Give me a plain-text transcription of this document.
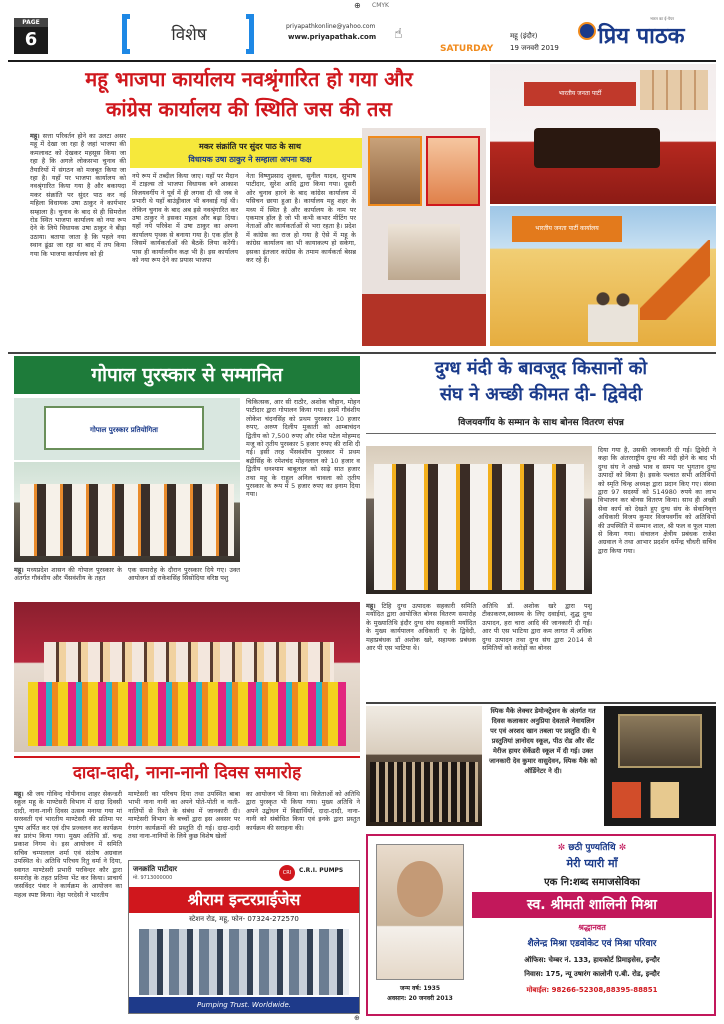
⊕ CMYK
PAGE
6	विशेष	priyapathkonline@yahoo.com
www.priyapathak.com ☝
SATURDAY
महू (इंदौर)
19 जनवरी 2019 प्रिय पाठक
भारत का ई-पेपर
महू भाजपा कार्यालय नवश्रृंगारित हो गया और
कांग्रेस कार्यालय की स्थिति जस की तस
महू। सत्ता परिवर्तन होने का उलटा असर महू में देखा जा रहा है जहां भाजपा की कमलावट को देखकर महसूस किया जा रहा है कि अगले लोकसभा चुनाव की तैयारियों में संगठन को मजबूत किया जा रहा है। यहाँ पर भाजपा कार्यालय को नवश्रृंगारित किया गया है और बकायदा मकर संक्रांति पर सुंदर पाठ कर नई महिला विधायक उषा ठाकुर ने कार्यभार सम्हाला है। चुनाव के बाद से ही सिमरोल रोड स्थित भाजपा कार्यालय को नया रूप देने के लिये विधायक उषा ठाकुर ने बीड़ा उठाया। बताया जाता है कि पहले नया स्थान ढूंढा जा रहा था बाद में तय किया गया कि भाजपा कार्यालय को ही
मकर संक्रांति पर सुंदर पाठ के साथ
विधायक उषा ठाकुर ने सम्हाला अपना कक्ष
नये रूप में तब्दील किया जाए। यहाँ पर मैदान में टाइल्स तो भाजपा विधायक बने आकाश विजयवर्गीय ने पूर्व में ही लगवा दी थी जब वे प्रभारी थे यहाँ बाउंड्रीवाल भी बनवाई गई थी। लेकिन चुनाव के बाद अब इसे नवश्रृंगारित कर उषा ठाकुर ने इसका महत्व और बढ़ा दिया। यहाँ नये परिवेश में उषा ठाकुर का अपना कार्यालय पृथक से बनाया गया है। एक हॉल है जिसमें कार्यकर्ताओं की बैठकें लिया करेंगी। पास ही कार्यालयीन कक्ष भी है। इस कार्यालय को नया रूप देने का प्रयास भाजपा
नेता विष्णुप्रसाद शुक्ला, सुनील यादव, सुभाष पाटीदार, सुरेश आदि द्वारा किया गया। दूसरी ओर चुनाव हारने के बाद कांग्रेस कार्यालय में पसिचन छाया हुआ है। कार्यालय महू शहर के मध्य में स्थित है और कार्यालय के नाम पर एकमात्र हॉल है जो भी कभी कभार मीटिंग पर नेताओं और कार्यकर्ताओं से भरा रहता है। प्रदेश में कांग्रेस का राज हो गया है ऐसे में महू के कांग्रेस कार्यालय का भी कायाकल्प हो सकेगा, इसका इंतजार कांग्रेस के तमाम कार्यकर्ता बेसब्र कर रहे हैं।
भारतीय जनता पार्टी
भारतीय जनता पार्टी कार्यालय
गोपाल पुरस्कार से सम्मानित
गोपाल पुरस्कार प्रतियोगिता
महू। मध्यप्रदेश शासन की गोपाल पुरस्कार के अंतर्गत गौवंशीय और भैंसवंशीय के तहत
एक समारोह के दौरान पुरस्कार दिये गए। उक्त आयोजन डॉ राकेशसिंह सिसोदिया वरिष्ठ पशु
चिकित्सक, आर सी राठौर, अशोक चौहान, मोहन पाटीदार द्वारा गोपालन किया गया। इसमें गौवंशीय लोकेश चंदनसिंह को प्रथम पुरस्कार 10 हजार रुपए, अरुण दिलीप मुकाती को आम्बाचंदन द्वितीय को 7,500 रुपए और रमेश पटेल मोहम्मद मजू को तृतीय पुरस्कार 5 हजार रुपए की राशि दी गई। इसी तरह भैंसवंशीय पुरस्कार में प्रथम बद्रीसिंह के रमेशचंद मोहनलाल को 10 हजार व द्वितीय धनश्याम बाबूलाल को साढ़े सात हजार तथा महू के राहुल अनिल चावला को तृतीय पुरस्कार के रूप में 5 हजार रुपए का इनाम दिया गया।
दादा-दादी, नाना-नानी दिवस समारोह
महू। श्री जय गोविन्द गोपीनाथ शाहर सेकन्डरी स्कूल महू के माण्टेसरी विभाग में दादा दिवसी दादी, नाना-नानी दिवस उत्सव मनाया गया मां सरस्वती एवं भारतीय माण्टेसरी की प्रतिमा पर पुष्प अर्पित कर एवं दीप प्रज्वलन कर कार्यक्रम का प्रारंभ किया गया। मुख्य अतिथि डॉ. चन्द्र प्रकाश निगम थे। इस आयोजन में समिति सचिव चम्पालाल शर्मा एवं संतोष अग्रवाल उपस्थित थे। अतिथि परिचय रितु वर्मा ने दिया, स्वागत माण्टेसरी प्रभारी परविन्दर कौर द्वारा समारोह के तहत प्रतिमा भेंट कर किया। प्राचार्य जसविंदर पंवार ने कार्यक्रम के आयोजन का महत्व स्पष्ट किया। नेहा परदेसी ने भारतीय
माण्टेसरी का परिचय दिया तथा उपस्थित बाबा भाभी नाना नानी का अपने पोते-पोती व नाती-नातियों से रिश्ते के संबंध में जानकारी दी। माण्टेसरी विभाग के बच्चों द्वारा इस अवसर पर रंगारंग कार्यक्रमों की प्रस्तुति दी गई। दादा-दादी तथा नाना-नानियों के लिये कुछ विशेष खेलों
का आयोजन भी किया था। विजेताओं को अतिथि द्वारा पुरस्कृत भी किया गया। मुख्य अतिथि ने अपने उद्बोधन में विद्यार्थियों, दादा-दादी, नाना-नानी को संबोधित किया एवं इनके द्वारा प्रस्तुत कार्यक्रम की सराहना की।
जनक्रांति पाटीदार
मो. 9713000000
CRI	C.R.I. PUMPS
श्रीराम इन्टरप्राईजेस
स्टेशन रोड, महू, फोन- 07324-272570
Pumping Trust. Worldwide.
दुग्ध मंदी के बावजूद किसानों को
संघ ने अच्छी कीमत दी- द्विवेदी
विजयवर्गीय के सम्मान के साथ बोनस वितरण संपन्न
दिया गया है, उसकी जानकारी दी गई। द्विवेदी ने कहा कि अंतरराष्ट्रीय दुग्ध की मंदी होने के बाद भी दुग्ध संघ ने अच्छे भाव व समय पर भुगतान दुग्ध उत्पादों को किया है। इसके पश्चात सभी अतिथियों को स्मृति चिन्ह अध्यक्ष द्वारा प्रदान किए गए। संस्था द्वारा 97 सदस्यों को 514980 रुपये का लाभ विभाजन कर बोनस वितरण किया। साथ ही अच्छी सेवा कार्य को देखते हुए दुग्ध संघ के सेवानिवृत्त अधिकारी विजय कुमार विजयवर्गीय को अतिथियों की उपस्थिति में सम्मान शाल, श्री फल व फूल माला से किया गया। संचालन क्षेत्रीय प्रबंधक राजेश अग्रवाल ने तथा आभार प्रदर्शन धर्मेन्द्र चौधरी सचिव द्वारा किया गया।
महू। टिहि दुग्ध उत्पादक सहकारी समिति मर्यादित द्वारा आयोजित बोनस वितरण समारोह के मुख्यातिथि इंदौर दुग्ध संघ सहकारी मर्यादित के मुख्य कार्यपालन अधिकारी ए के द्विवेदी, महाप्रबंधक डॉ अशोक खरे, सहायक प्रबंधक आर पी एस भाटिया थे।
अतिथि डॉ. अशोक खरे द्वारा पशु टीकाकरण,स्वास्थ्य के लिए दवाईयां, शुद्ध दुग्ध उत्पादन, हरा चारा आदि की जानकारी दी गई। आर पी एस भाटिया द्वारा कम लागत में अधिक दुग्ध उत्पादन तथा दुग्ध संघ द्वारा 2014 से समितियों को करोड़ों का बोनस
स्पिक मैके लेक्चर डेमोन्स्ट्रेशन के अंतर्गत गत दिवस कलाकार अनुप्रिया देवताले नेवायलिन पर एवं अरशद खान तबला पर प्रस्तुति दी। ये प्रस्तुतियां ज्ञानोदय स्कूल, पीठ रोड और सेंट मेरीज हायर सेकेंडरी स्कूल में दी गई। उक्त जानकारी देव कुमार वासुदेवन, स्पिक मैके को ऑर्डिनेटर ने दी।
जन्म वर्ष: 1935
अवसान: 20 जनवरी 2013
✼ छठी पुण्यतिथि ✼
मेरी प्यारी माँ
एक नि:शब्द समाजसेविका
स्व. श्रीमती शालिनी मिश्रा
श्रद्धानवत
शैलेन्द्र मिश्रा एडवोकेट एवं मिश्रा परिवार
ऑफिस: चेम्बर नं. 133, हायकोर्ट प्रिमाइसेस, इन्दौर
निवास: 175, न्यू उषारंग कालोनी ए.बी. रोड, इन्दौर
मोबाईल: 98266-52308,88395-88851
⊕
